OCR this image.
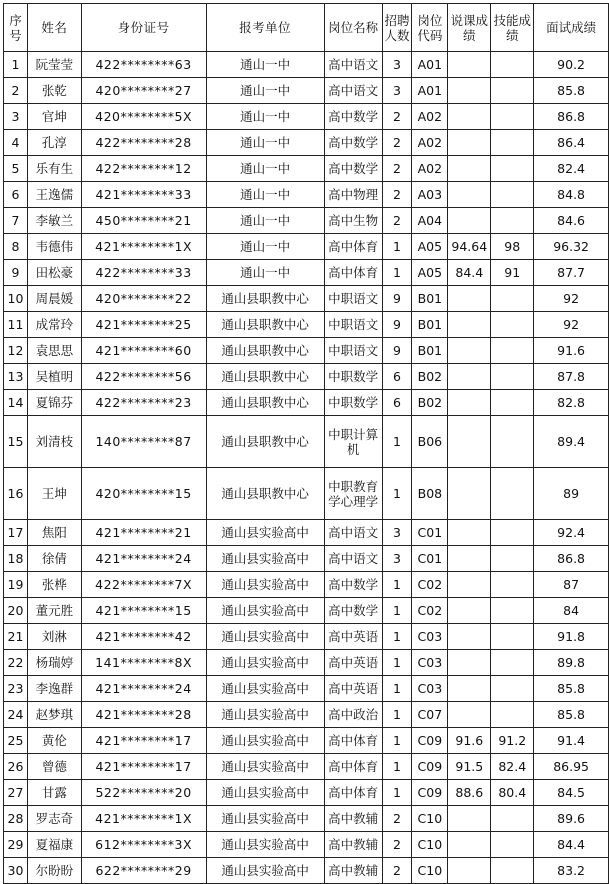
序号	姓名	身份证号	报考单位	岗位名称	招聘人数	岗位代码	说课成绩	技能成绩	面试成绩
1	阮莹莹	422********63	通山一中	高中语文	3	A01			90.2
2	张乾	420********27	通山一中	高中语文	3	A01			85.8
3	官坤	420********5X	通山一中	高中数学	2	A02			86.8
4	孔淳	422********28	通山一中	高中数学	2	A02			86.4
5	乐有生	422********12	通山一中	高中数学	2	A02			82.4
6	王逸儒	421********33	通山一中	高中物理	2	A03			84.8
7	李敏兰	450********21	通山一中	高中生物	2	A04			84.6
8	韦德伟	421********1X	通山一中	高中体育	1	A05	94.64	98	96.32
9	田松豪	422********33	通山一中	高中体育	1	A05	84.4	91	87.7
10	周晨媛	420********22	通山县职教中心	中职语文	9	B01			92
11	成常玲	421********25	通山县职教中心	中职语文	9	B01			92
12	袁思思	421********60	通山县职教中心	中职语文	9	B01			91.6
13	吴植明	422********56	通山县职教中心	中职数学	6	B02			87.8
14	夏锦芬	422********23	通山县职教中心	中职数学	6	B02			82.8
15	刘清枝	140********87	通山县职教中心	中职计算机	1	B06			89.4
16	王坤	420********15	通山县职教中心	中职教育学心理学	1	B08			89
17	焦阳	421********21	通山县实验高中	高中语文	3	C01			92.4
18	徐倩	421********24	通山县实验高中	高中语文	3	C01			86.8
19	张桦	422********7X	通山县实验高中	高中数学	1	C02			87
20	董元胜	421********15	通山县实验高中	高中数学	1	C02			84
21	刘淋	421********42	通山县实验高中	高中英语	1	C03			91.8
22	杨瑞婷	141********8X	通山县实验高中	高中英语	1	C03			89.8
23	李逸群	421********24	通山县实验高中	高中英语	1	C03			85.8
24	赵梦琪	421********28	通山县实验高中	高中政治	1	C07			85.8
25	黄伦	421********17	通山县实验高中	高中体育	1	C09	91.6	91.2	91.4
26	曾德	421********17	通山县实验高中	高中体育	1	C09	91.5	82.4	86.95
27	甘露	522********20	通山县实验高中	高中体育	1	C09	88.6	80.4	84.5
28	罗志奇	421********1X	通山县实验高中	高中教辅	2	C10			89.6
29	夏福康	612********3X	通山县实验高中	高中教辅	2	C10			84.4
30	尔盼盼	622********29	通山县实验高中	高中教辅	2	C10			83.2
